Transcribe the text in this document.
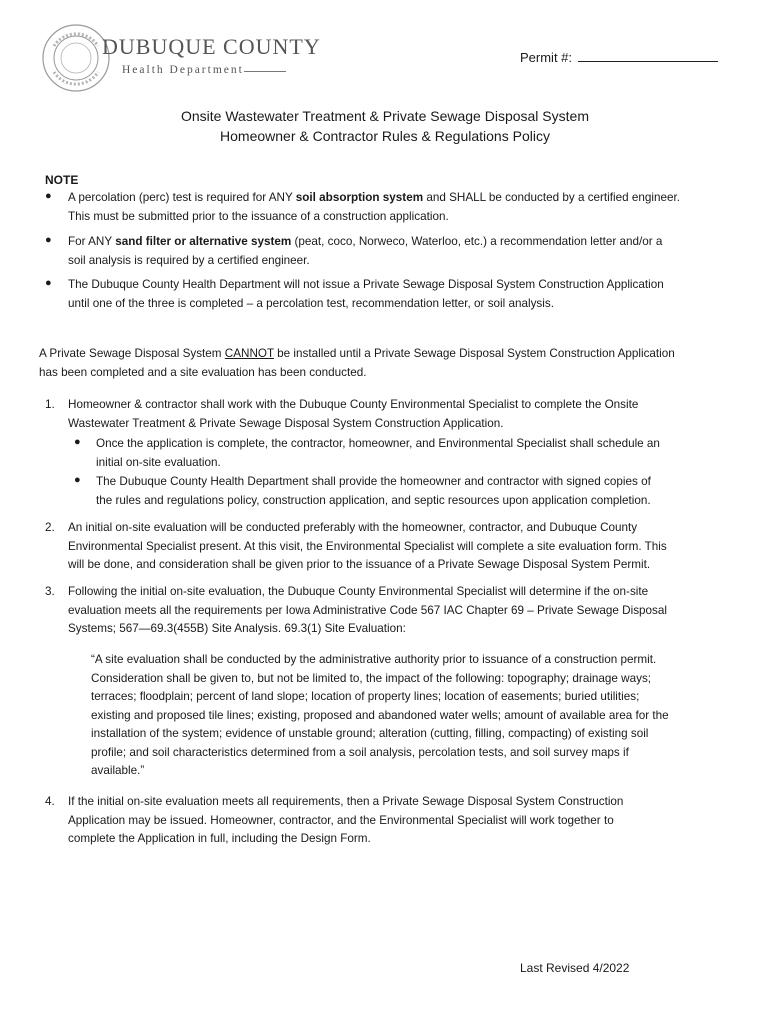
DUBUQUE COUNTY
Health Department
Permit #:
Onsite Wastewater Treatment & Private Sewage Disposal System
Homeowner & Contractor Rules & Regulations Policy
NOTE
● A percolation (perc) test is required for ANY soil absorption system and SHALL be conducted by a certified engineer.
This must be submitted prior to the issuance of a construction application.
● For ANY sand filter or alternative system (peat, coco, Norweco, Waterloo, etc.) a recommendation letter and/or a
soil analysis is required by a certified engineer.
● The Dubuque County Health Department will not issue a Private Sewage Disposal System Construction Application
until one of the three is completed – a percolation test, recommendation letter, or soil analysis.
A Private Sewage Disposal System CANNOT be installed until a Private Sewage Disposal System Construction Application
has been completed and a site evaluation has been conducted.
1. Homeowner & contractor shall work with the Dubuque County Environmental Specialist to complete the Onsite
Wastewater Treatment & Private Sewage Disposal System Construction Application.
● Once the application is complete, the contractor, homeowner, and Environmental Specialist shall schedule an
initial on-site evaluation.
● The Dubuque County Health Department shall provide the homeowner and contractor with signed copies of
the rules and regulations policy, construction application, and septic resources upon application completion.
2. An initial on-site evaluation will be conducted preferably with the homeowner, contractor, and Dubuque County
Environmental Specialist present. At this visit, the Environmental Specialist will complete a site evaluation form. This
will be done, and consideration shall be given prior to the issuance of a Private Sewage Disposal System Permit.
3. Following the initial on-site evaluation, the Dubuque County Environmental Specialist will determine if the on-site
evaluation meets all the requirements per Iowa Administrative Code 567 IAC Chapter 69 – Private Sewage Disposal
Systems; 567—69.3(455B) Site Analysis. 69.3(1) Site Evaluation:
“A site evaluation shall be conducted by the administrative authority prior to issuance of a construction permit.
Consideration shall be given to, but not be limited to, the impact of the following: topography; drainage ways;
terraces; floodplain; percent of land slope; location of property lines; location of easements; buried utilities;
existing and proposed tile lines; existing, proposed and abandoned water wells; amount of available area for the
installation of the system; evidence of unstable ground; alteration (cutting, filling, compacting) of existing soil
profile; and soil characteristics determined from a soil analysis, percolation tests, and soil survey maps if
available.”
4. If the initial on-site evaluation meets all requirements, then a Private Sewage Disposal System Construction
Application may be issued. Homeowner, contractor, and the Environmental Specialist will work together to
complete the Application in full, including the Design Form.
Last Revised 4/2022
